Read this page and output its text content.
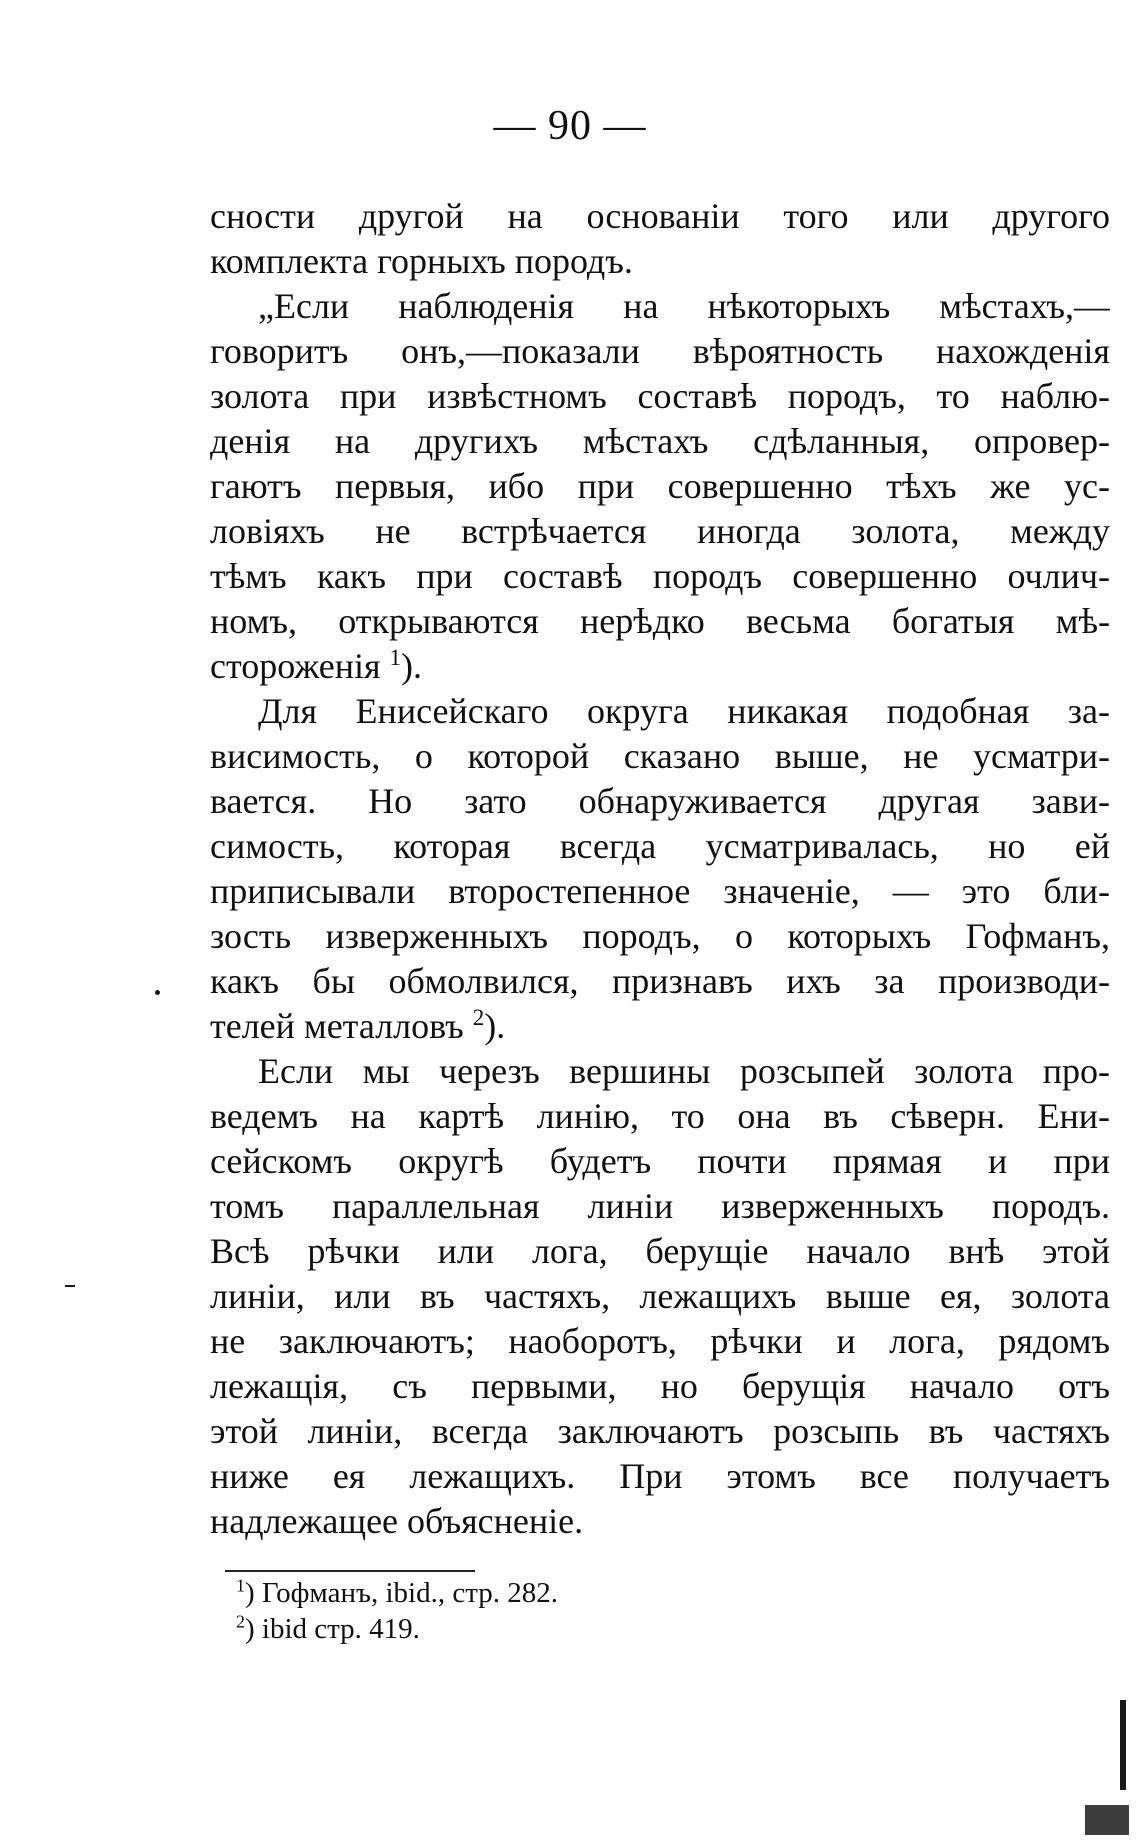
— 90 —
сности другой на основанiи того или другого
комплекта горныхъ породъ.
„Если наблюденiя на нѣкоторыхъ мѣстахъ,—
говоритъ онъ,—показали вѣроятность нахожденiя
золота при извѣстномъ составѣ породъ, то наблю-
денiя на другихъ мѣстахъ сдѣланныя, опровер-
гаютъ первыя, ибо при совершенно тѣхъ же ус-
ловiяхъ не встрѣчается иногда золота, между
тѣмъ какъ при составѣ породъ совершенно очлич-
номъ, открываются нерѣдко весьма богатыя мѣ-
стороженiя $^1$).
Для Енисейскаго округа никакая подобная за-
висимость, о которой сказано выше, не усматри-
вается. Но зато обнаруживается другая зави-
симость, которая всегда усматривалась, но ей
приписывали второстепенное значенiе, — это бли-
зость изверженныхъ породъ, о которыхъ Гофманъ,
какъ бы обмолвился, признавъ ихъ за производи-
телей металловъ $^2$).
Если мы черезъ вершины розсыпей золота про-
ведемъ на картѣ линiю, то она въ сѣверн. Ени-
сейскомъ округѣ будетъ почти прямая и при
томъ параллельная линiи изверженныхъ породъ.
Всѣ рѣчки или лога, берущiе начало внѣ этой
линiи, или въ частяхъ, лежащихъ выше ея, золота
не заключаютъ; наоборотъ, рѣчки и лога, рядомъ
лежащiя, съ первыми, но берущiя начало отъ
этой линiи, всегда заключаютъ розсыпь въ частяхъ
ниже ея лежащихъ. При этомъ все получаетъ
надлежащее объясненiе.
$^1$) Гофманъ, ibid., стр. 282.
$^2$) ibid стр. 419.
